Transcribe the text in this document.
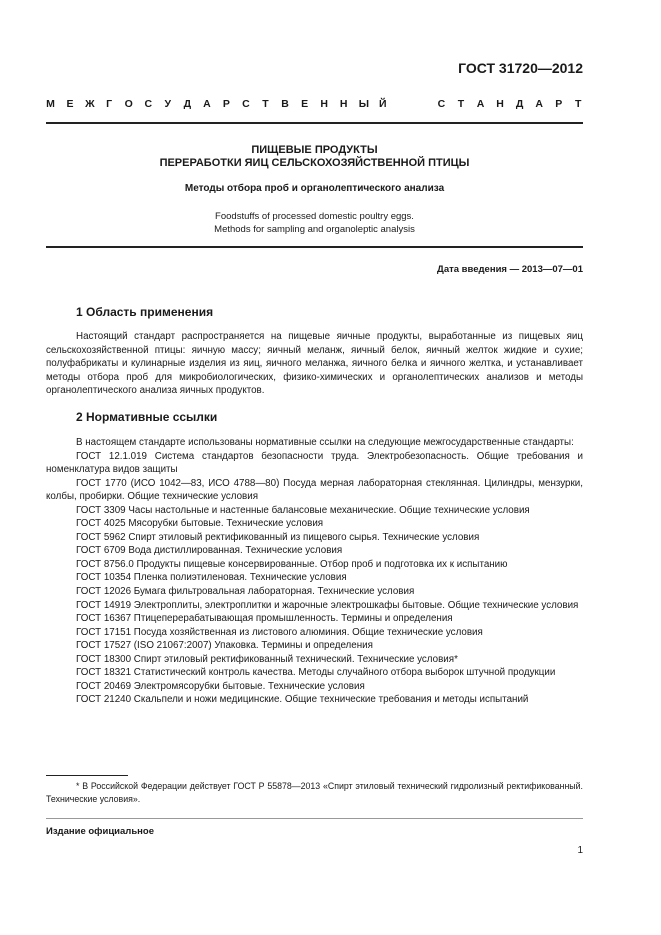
ГОСТ 31720—2012
М Е Ж Г О С У Д А Р С Т В Е Н Н Ы Й	С Т А Н Д А Р Т
ПИЩЕВЫЕ ПРОДУКТЫ
ПЕРЕРАБОТКИ ЯИЦ СЕЛЬСКОХОЗЯЙСТВЕННОЙ ПТИЦЫ
Методы отбора проб и органолептического анализа
Foodstuffs of processed domestic poultry eggs.
Methods for sampling and organoleptic analysis
Дата введения — 2013—07—01
1 Область применения

Настоящий стандарт распространяется на пищевые яичные продукты, выработанные из пищевых яиц сельскохозяйственной птицы: яичную массу; яичный меланж, яичный белок, яичный желток жидкие и сухие; полуфабрикаты и кулинарные изделия из яиц, яичного меланжа, яичного белка и яичного желтка, и устанавливает методы отбора проб для микробиологических, физико-химических и органолептических анализов и методы органолептического анализа яичных продуктов.

2 Нормативные ссылки

В настоящем стандарте использованы нормативные ссылки на следующие межгосударственные стандарты:

ГОСТ 12.1.019 Система стандартов безопасности труда. Электробезопасность. Общие требования и номенклатура видов защиты

ГОСТ 1770 (ИСО 1042—83, ИСО 4788—80) Посуда мерная лабораторная стеклянная. Цилиндры, мензурки, колбы, пробирки. Общие технические условия

ГОСТ 3309 Часы настольные и настенные балансовые механические. Общие технические условия

ГОСТ 4025 Мясорубки бытовые. Технические условия

ГОСТ 5962 Спирт этиловый ректификованный из пищевого сырья. Технические условия

ГОСТ 6709 Вода дистиллированная. Технические условия

ГОСТ 8756.0 Продукты пищевые консервированные. Отбор проб и подготовка их к испытанию

ГОСТ 10354 Пленка полиэтиленовая. Технические условия

ГОСТ 12026 Бумага фильтровальная лабораторная. Технические условия

ГОСТ 14919 Электроплиты, электроплитки и жарочные электрошкафы бытовые. Общие технические условия

ГОСТ 16367 Птицеперерабатывающая промышленность. Термины и определения

ГОСТ 17151 Посуда хозяйственная из листового алюминия. Общие технические условия

ГОСТ 17527 (ISO 21067:2007) Упаковка. Термины и определения

ГОСТ 18300 Спирт этиловый ректификованный технический. Технические условия*

ГОСТ 18321 Статистический контроль качества. Методы случайного отбора выборок штучной продукции

ГОСТ 20469 Электромясорубки бытовые. Технические условия

ГОСТ 21240 Скальпели и ножи медицинские. Общие технические требования и методы испытаний

* В Российской Федерации действует ГОСТ Р 55878—2013 «Спирт этиловый технический гидролизный ректификованный. Технические условия».

Издание официальное
1
